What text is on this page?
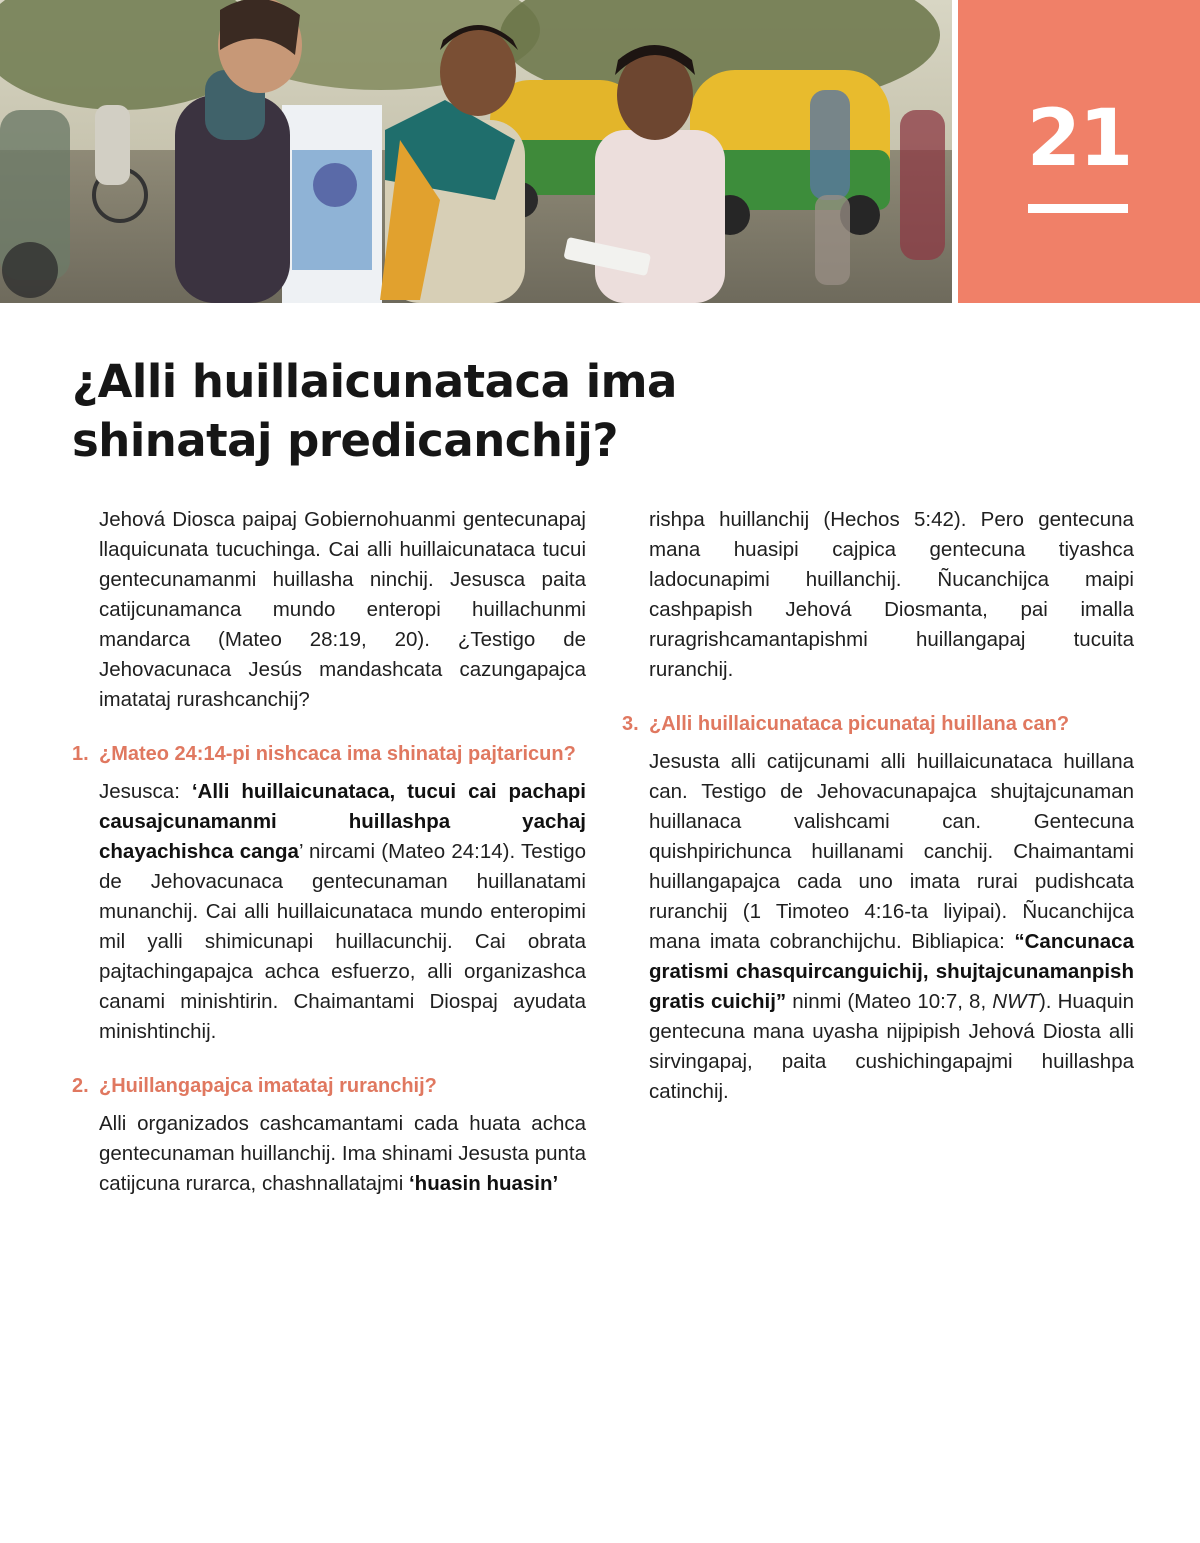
21
¿Alli huillaicunataca ima shinataj predicanchij?

Jehová Diosca paipaj Gobiernohuanmi gentecunapaj llaquicunata tucuchinga. Cai alli huillaicunataca tucui gentecunamanmi huillasha ninchij. Jesusca paita catijcunamanca mundo enteropi huillachunmi mandarca (Mateo 28:19, 20). ¿Testigo de Jehovacunaca Jesús mandashcata cazungapajca imatataj rurashcanchij?

1. ¿Mateo 24:14-pi nishcaca ima shinataj pajtaricun?

Jesusca: ‘Alli huillaicunataca, tucui cai pachapi causajcunamanmi huillashpa yachaj chayachishca canga’ nircami (Mateo 24:14). Testigo de Jehovacunaca gentecunaman huillanatami munanchij. Cai alli huillaicunataca mundo enteropimi mil yalli shimicunapi huillacunchij. Cai obrata pajtachingapajca achca esfuerzo, alli organizashca canami minishtirin. Chaimantami Diospaj ayudata minishtinchij.

2. ¿Huillangapajca imatataj ruranchij?

Alli organizados cashcamantami cada huata achca gentecunaman huillanchij. Ima shinami Jesusta punta catijcuna rurarca, chashnallatajmi ‘huasin huasin’

rishpa huillanchij (Hechos 5:42). Pero gentecuna mana huasipi cajpica gentecuna tiyashca ladocunapimi huillanchij. Ñucanchijca maipi cashpapish Jehová Diosmanta, pai imalla ruragrishcamantapishmi huillangapaj tucuita ruranchij.

3. ¿Alli huillaicunataca picunataj huillana can?

Jesusta alli catijcunami alli huillaicunataca huillana can. Testigo de Jehovacunapajca shujtajcunaman huillanaca valishcami can. Gentecuna quishpirichunca huillanami canchij. Chaimantami huillangapajca cada uno imata rurai pudishcata ruranchij (1 Timoteo 4:16-ta liyipai). Ñucanchijca mana imata cobranchijchu. Bibliapica: “Cancunaca gratismi chasquircanguichij, shujtajcunamanpish gratis cuichij” ninmi (Mateo 10:7, 8, NWT). Huaquin gentecuna mana uyasha nijpipish Jehová Diosta alli sirvingapaj, paita cushichingapajmi huillashpa catinchij.
